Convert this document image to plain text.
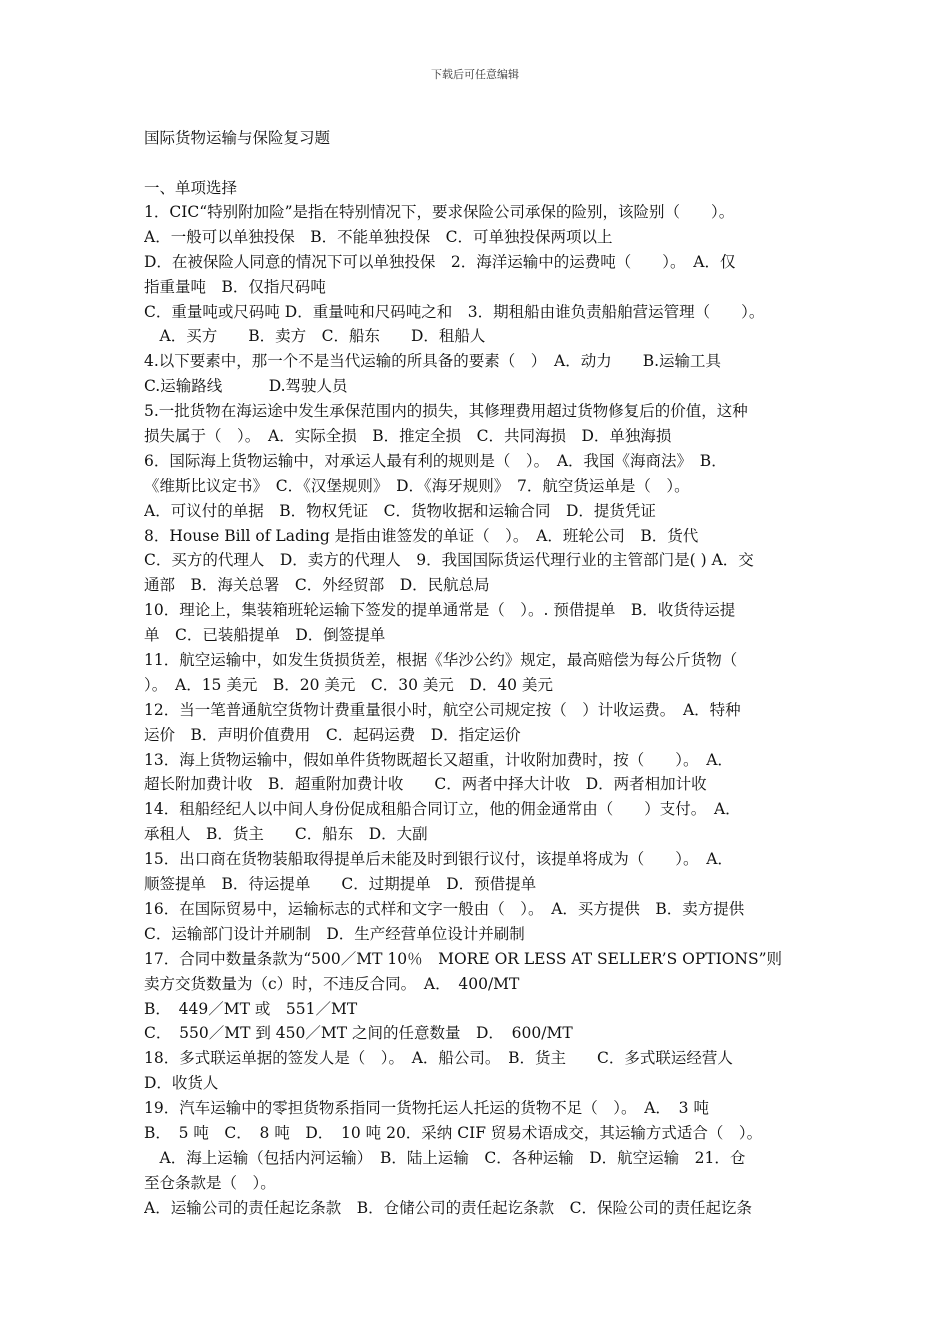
下载后可任意编辑
国际货物运输与保险复习题
一、单项选择
1．CIC“特别附加险”是指在特别情况下，要求保险公司承保的险别，该险别（　　）。
A．一般可以单独投保　B．不能单独投保　C．可单独投保两项以上
D．在被保险人同意的情况下可以单独投保　2．海洋运输中的运费吨（　　）。　A．仅
指重量吨　B．仅指尺码吨
C．重量吨或尺码吨 D．重量吨和尺码吨之和　3．期租船由谁负责船舶营运管理（　　）。
　A．买方　　B．卖方　C．船东　　D．租船人
4.以下要素中，那一个不是当代运输的所具备的要素（　）　A．动力　　B.运输工具
C.运输路线　　　D.驾驶人员
5.一批货物在海运途中发生承保范围内的损失，其修理费用超过货物修复后的价值，这种
损失属于（　）。　A．实际全损　B．推定全损　C．共同海损　D．单独海损
6．国际海上货物运输中，对承运人最有利的规则是（　）。　A．我国《海商法》　B．
《维斯比议定书》　C．《汉堡规则》　D．《海牙规则》　7．航空货运单是（　）。
A．可议付的单据　B．物权凭证　C．货物收据和运输合同　D．提货凭证
8．House Bill of Lading 是指由谁签发的单证（　）。　A．班轮公司　B．货代
C．买方的代理人　D．卖方的代理人　9．我国国际货运代理行业的主管部门是( ) A．交
通部　B．海关总署　C．外经贸部　D．民航总局
10．理论上，集装箱班轮运输下签发的提单通常是（　）。. 预借提单　B．收货待运提
单　C．已装船提单　D．倒签提单
11．航空运输中，如发生货损货差，根据《华沙公约》规定，最高赔偿为每公斤货物（
）。　A．15 美元　B．20 美元　C．30 美元　D．40 美元
12．当一笔普通航空货物计费重量很小时，航空公司规定按（　）计收运费。　A．特种
运价　B．声明价值费用　C．起码运费　D．指定运价
13．海上货物运输中，假如单件货物既超长又超重，计收附加费时，按（　　）。　A．
超长附加费计收　B．超重附加费计收　　C．两者中择大计收　D．两者相加计收
14．租船经纪人以中间人身份促成租船合同订立，他的佣金通常由（　　）支付。　A．
承租人　B．货主　　C．船东　D．大副
15．出口商在货物装船取得提单后未能及时到银行议付，该提单将成为（　　）。　A．
顺签提单　B．待运提单　　C．过期提单　D．预借提单
16．在国际贸易中，运输标志的式样和文字一般由（　）。　A．买方提供　B．卖方提供
C．运输部门设计并刷制　D．生产经营单位设计并刷制
17．合同中数量条款为“500／MT 10％　MORE OR LESS AT SELLER’S OPTIONS”则
卖方交货数量为（c）时，不违反合同。　A．　400/MT
B．　449／MT 或　551／MT
C．　550／MT 到 450／MT 之间的任意数量　D．　600/MT
18．多式联运单据的签发人是（　）。　A．船公司。　B．货主　　C．多式联运经营人
D．收货人
19．汽车运输中的零担货物系指同一货物托运人托运的货物不足（　）。　A．　3 吨
B．　5 吨　C．　8 吨　D．　10 吨 20．采纳 CIF 贸易术语成交，其运输方式适合（　）。
　A．海上运输（包括内河运输）　B．陆上运输　C．各种运输　D．航空运输　21．仓
至仓条款是（　）。
A．运输公司的责任起讫条款　B．仓储公司的责任起讫条款　C．保险公司的责任起讫条
